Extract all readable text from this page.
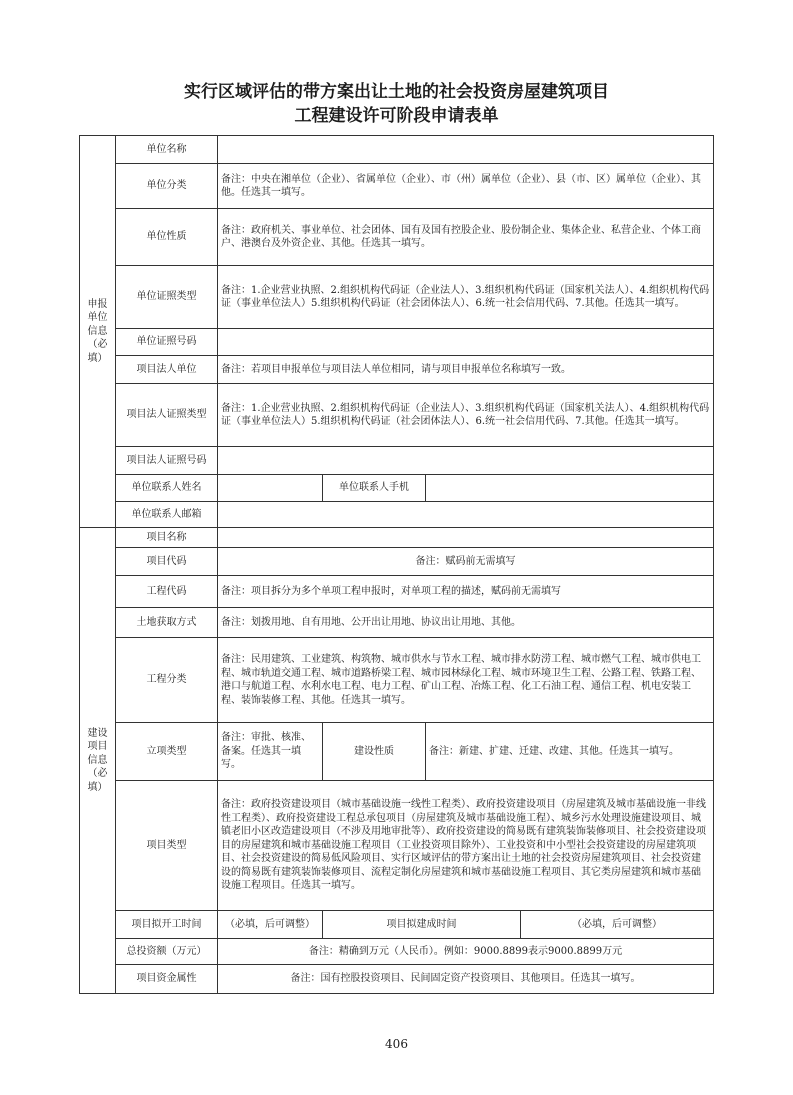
实行区域评估的带方案出让土地的社会投资房屋建筑项目
工程建设许可阶段申请表单
申报单位信息（必填）	单位名称				
	单位分类	备注：中央在湘单位（企业）、省属单位（企业）、市（州）属单位（企业）、县（市、区）属单位（企业）、其他。任选其一填写。			
	单位性质	备注：政府机关、事业单位、社会团体、国有及国有控股企业、股份制企业、集体企业、私营企业、个体工商户、港澳台及外资企业、其他。任选其一填写。			
	单位证照类型	备注：1.企业营业执照、2.组织机构代码证（企业法人）、3.组织机构代码证（国家机关法人）、4.组织机构代码证（事业单位法人）5.组织机构代码证（社会团体法人）、6.统一社会信用代码、7.其他。任选其一填写。			
	单位证照号码				
	项目法人单位	备注：若项目申报单位与项目法人单位相同，请与项目申报单位名称填写一致。			
	项目法人证照类型	备注：1.企业营业执照、2.组织机构代码证（企业法人）、3.组织机构代码证（国家机关法人）、4.组织机构代码证（事业单位法人）5.组织机构代码证（社会团体法人）、6.统一社会信用代码、7.其他。任选其一填写。			
	项目法人证照号码				
	单位联系人姓名		单位联系人手机		
	单位联系人邮箱				
建设项目信息（必填）	项目名称				
	项目代码	备注：赋码前无需填写			
	工程代码	备注：项目拆分为多个单项工程申报时，对单项工程的描述，赋码前无需填写			
	土地获取方式	备注：划拨用地、自有用地、公开出让用地、协议出让用地、其他。			
	工程分类	备注：民用建筑、工业建筑、构筑物、城市供水与节水工程、城市排水防涝工程、城市燃气工程、城市供电工程、城市轨道交通工程、城市道路桥梁工程、城市园林绿化工程、城市环境卫生工程、公路工程、铁路工程、港口与航道工程、水利水电工程、电力工程、矿山工程、冶炼工程、化工石油工程、通信工程、机电安装工程、装饰装修工程、其他。任选其一填写。			
	立项类型	备注：审批、核准、备案。任选其一填写。	建设性质	备注：新建、扩建、迁建、改建、其他。任选其一填写。	
	项目类型	备注：政府投资建设项目（城市基础设施一线性工程类）、政府投资建设项目（房屋建筑及城市基础设施一非线性工程类）、政府投资建设工程总承包项目（房屋建筑及城市基础设施工程）、城乡污水处理设施建设项目、城镇老旧小区改造建设项目（不涉及用地审批等）、政府投资建设的简易既有建筑装饰装修项目、社会投资建设项目的房屋建筑和城市基础设施工程项目（工业投资项目除外）、工业投资和中小型社会投资建设的房屋建筑项目、社会投资建设的简易低风险项目、实行区域评估的带方案出让土地的社会投资房屋建筑项目、社会投资建设的简易既有建筑装饰装修项目、流程定制化房屋建筑和城市基础设施工程项目、其它类房屋建筑和城市基础设施工程项目。任选其一填写。			
	项目拟开工时间	（必填，后可调整）	项目拟建成时间		（必填，后可调整）
	总投资额（万元）	备注：精确到万元（人民币）。例如：9000.8899表示9000.8899万元			
	项目资金属性	备注：国有控股投资项目、民间固定资产投资项目、其他项目。任选其一填写。			
406
